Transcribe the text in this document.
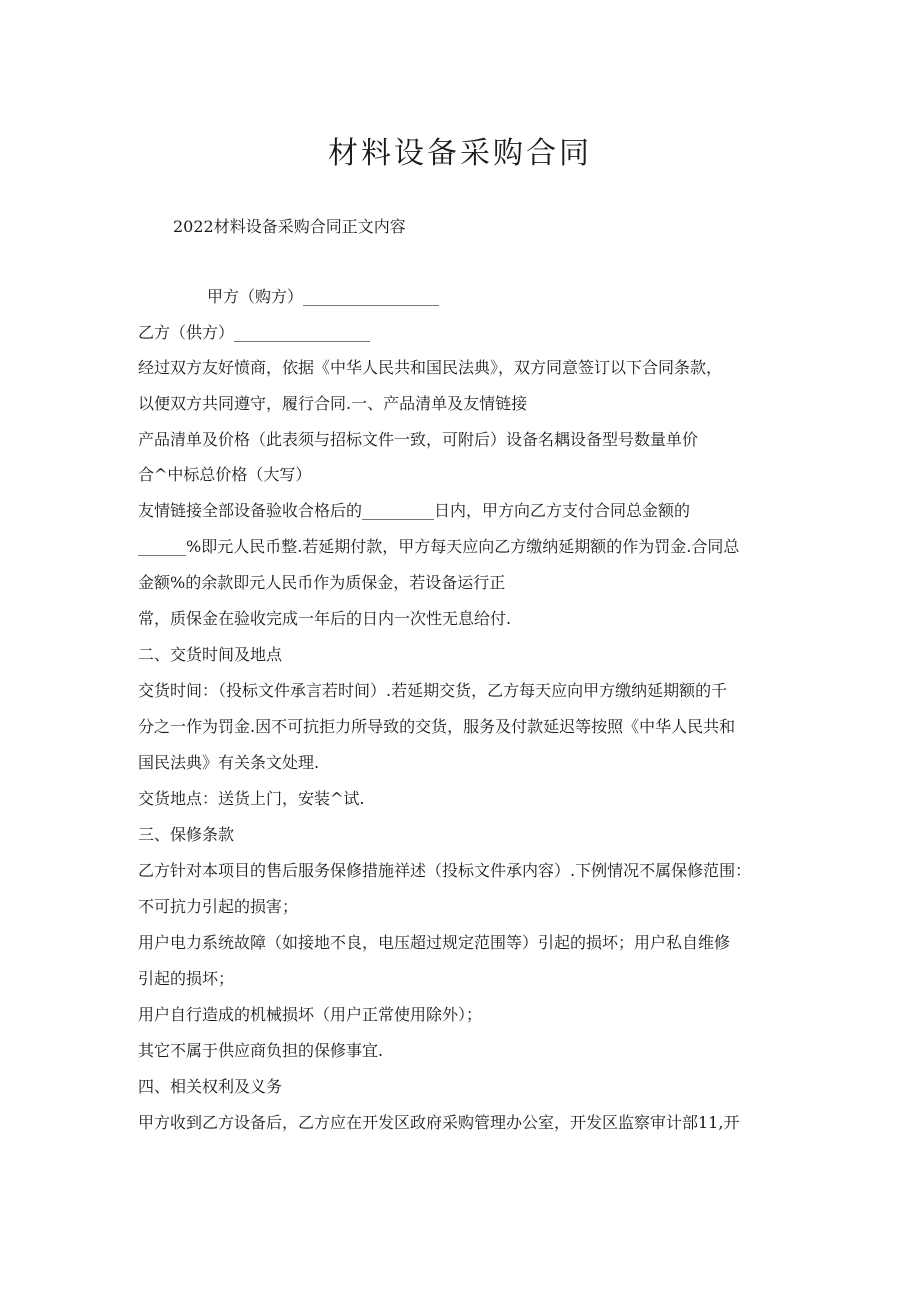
材料设备采购合同
2022材料设备采购合同正文内容
甲方（购方）_________________
乙方（供方）_________________
经过双方友好愤商，依据《中华人民共和国民法典》，双方同意签订以下合同条款，
以便双方共同遵守，履行合同.一、产品清单及友情链接
产品清单及价格（此表须与招标文件一致，可附后）设备名耦设备型号数量单价
合^中标总价格（大写）
友情链接全部设备验收合格后的_________日内，甲方向乙方支付合同总金额的
______%即元人民币整.若延期付款，甲方每天应向乙方缴纳延期额的作为罚金.合同总
金额%的余款即元人民币作为质保金，若设备运行正
常，质保金在验收完成一年后的日内一次性无息给付.
二、交货时间及地点
交货时间：（投标文件承言若时间）.若延期交货，乙方每天应向甲方缴纳延期额的千
分之一作为罚金.因不可抗拒力所导致的交货，服务及付款延迟等按照《中华人民共和
国民法典》有关条文处理.
交货地点：送货上门，安装^试.
三、保修条款
乙方针对本项目的售后服务保修措施祥述（投标文件承内容）.下例情况不属保修范围：
不可抗力引起的损害；
用户电力系统故障（如接地不良，电压超过规定范围等）引起的损坏；用户私自维修
引起的损坏；
用户自行造成的机械损坏（用户正常使用除外）；
其它不属于供应商负担的保修事宜.
四、相关权利及义务
甲方收到乙方设备后，乙方应在开发区政府采购管理办公室，开发区监察审计部11,开
